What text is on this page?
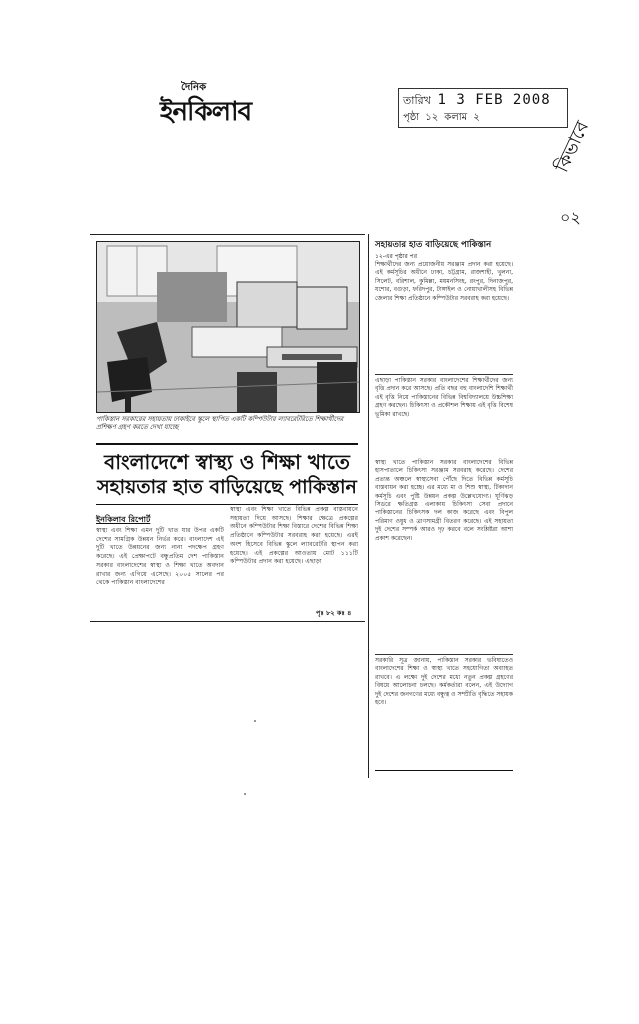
দৈনিক
ইনকিলাব	তারিখ 1 3 FEB 2008
পৃষ্ঠা ১২ কলাম ২
কিভাবে
০২
পাকিস্তান সরকারের সহায়তায় ঢাকাইবে স্কুলে স্থাপিত একটি কম্পিউটার ল্যাবরেটরিতে শিক্ষার্থীদের প্রশিক্ষণ গ্রহণ করতে দেখা যাচ্ছে
বাংলাদেশে স্বাস্থ্য ও শিক্ষা খাতে
সহায়তার হাত বাড়িয়েছে পাকিস্তান
ইনকিলাব রিপোর্ট
স্বাস্থ্য এবং শিক্ষা এমন দুটি খাত যার উপর একটি দেশের সামগ্রিক উন্নয়ন নির্ভর করে। বাংলাদেশ এই দুটি খাতে উন্নয়নের জন্য নানা পদক্ষেপ গ্রহণ করেছে। এই প্রেক্ষাপটে বন্ধুপ্রতিম দেশ পাকিস্তান সরকার বাংলাদেশের স্বাস্থ্য ও শিক্ষা খাতে অবদান রাখার জন্য এগিয়ে এসেছে। ২০০৫ সালের পর থেকে পাকিস্তান বাংলাদেশের
স্বাস্থ্য এবং শিক্ষা খাতে বিভিন্ন প্রকল্প বাস্তবায়নে সহায়তা দিয়ে আসছে। শিক্ষার ক্ষেত্রে প্রকল্পের অধীনে কম্পিউটার শিক্ষা বিস্তারে দেশের বিভিন্ন শিক্ষা প্রতিষ্ঠানে কম্পিউটার সরবরাহ করা হয়েছে। এরই অংশ হিসেবে বিভিন্ন স্কুলে ল্যাবরেটরি স্থাপন করা হয়েছে। এই প্রকল্পের আওতায় মোট ১১১টি কম্পিউটার প্রদান করা হয়েছে। এছাড়া
পৃঃ ৮২ কঃ ৪
সহায়তার হাত বাড়িয়েছে পাকিস্তান
১২-এর পৃষ্ঠার পর
শিক্ষার্থীদের জন্য প্রয়োজনীয় সরঞ্জাম প্রদান করা হয়েছে। এই কর্মসূচির অধীনে ঢাকা, চট্টগ্রাম, রাজশাহী, খুলনা, সিলেট, বরিশাল, কুমিল্লা, ময়মনসিংহ, রংপুর, দিনাজপুর, যশোর, বগুড়া, ফরিদপুর, টাঙ্গাইল ও নোয়াখালীসহ বিভিন্ন জেলার শিক্ষা প্রতিষ্ঠানে কম্পিউটার সরবরাহ করা হয়েছে।
এছাড়া পাকিস্তান সরকার বাংলাদেশের শিক্ষার্থীদের জন্য বৃত্তি প্রদান করে আসছে। প্রতি বছর বহু বাংলাদেশি শিক্ষার্থী এই বৃত্তি নিয়ে পাকিস্তানের বিভিন্ন বিশ্ববিদ্যালয়ে উচ্চশিক্ষা গ্রহণ করছেন। চিকিৎসা ও প্রকৌশল শিক্ষায় এই বৃত্তি বিশেষ ভূমিকা রাখছে।
স্বাস্থ্য খাতে পাকিস্তান সরকার বাংলাদেশের বিভিন্ন হাসপাতালে চিকিৎসা সরঞ্জাম সরবরাহ করেছে। দেশের প্রত্যন্ত অঞ্চলে স্বাস্থ্যসেবা পৌঁছে দিতে বিভিন্ন কর্মসূচি বাস্তবায়ন করা হচ্ছে। এর মধ্যে মা ও শিশু স্বাস্থ্য, টিকাদান কর্মসূচি এবং পুষ্টি উন্নয়ন প্রকল্প উল্লেখযোগ্য। ঘূর্ণিঝড় সিডরে ক্ষতিগ্রস্ত এলাকায় চিকিৎসা সেবা প্রদানে পাকিস্তানের চিকিৎসক দল কাজ করেছে এবং বিপুল পরিমাণ ওষুধ ও ত্রাণসামগ্রী বিতরণ করেছে। এই সহায়তা দুই দেশের সম্পর্ক আরও দৃঢ় করবে বলে সংশ্লিষ্টরা আশা প্রকাশ করেছেন।
সরকারি সূত্র জানায়, পাকিস্তান সরকার ভবিষ্যতেও বাংলাদেশের শিক্ষা ও স্বাস্থ্য খাতে সহযোগিতা অব্যাহত রাখবে। এ লক্ষ্যে দুই দেশের মধ্যে নতুন প্রকল্প গ্রহণের বিষয়ে আলোচনা চলছে। কর্মকর্তারা বলেন, এই উদ্যোগ দুই দেশের জনগণের মধ্যে বন্ধুত্ব ও সম্প্রীতি বৃদ্ধিতে সহায়ক হবে।
